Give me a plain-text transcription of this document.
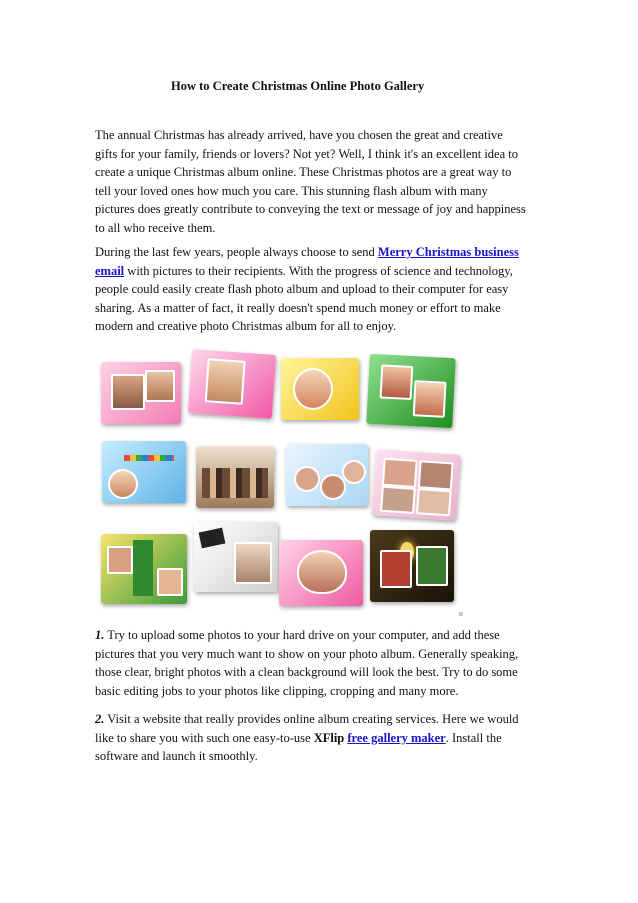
How to Create Christmas Online Photo Gallery
The annual Christmas has already arrived, have you chosen the great and creative
gifts for your family, friends or lovers? Not yet? Well, I think it's an excellent idea to
create a unique Christmas album online. These Christmas photos are a great way to
tell your loved ones how much you care. This stunning flash album with many
pictures does greatly contribute to conveying the text or message of joy and happiness
to all who receive them.
During the last few years, people always choose to send Merry Christmas business
email with pictures to their recipients. With the progress of science and technology,
people could easily create flash photo album and upload to their computer for easy
sharing. As a matter of fact, it really doesn't spend much money or effort to make
modern and creative photo Christmas album for all to enjoy.
1. Try to upload some photos to your hard drive on your computer, and add these
pictures that you very much want to show on your photo album. Generally speaking,
those clear, bright photos with a clean background will look the best. Try to do some
basic editing jobs to your photos like clipping, cropping and many more.
2. Visit a website that really provides online album creating services. Here we would
like to share you with such one easy-to-use XFlip free gallery maker. Install the
software and launch it smoothly.
